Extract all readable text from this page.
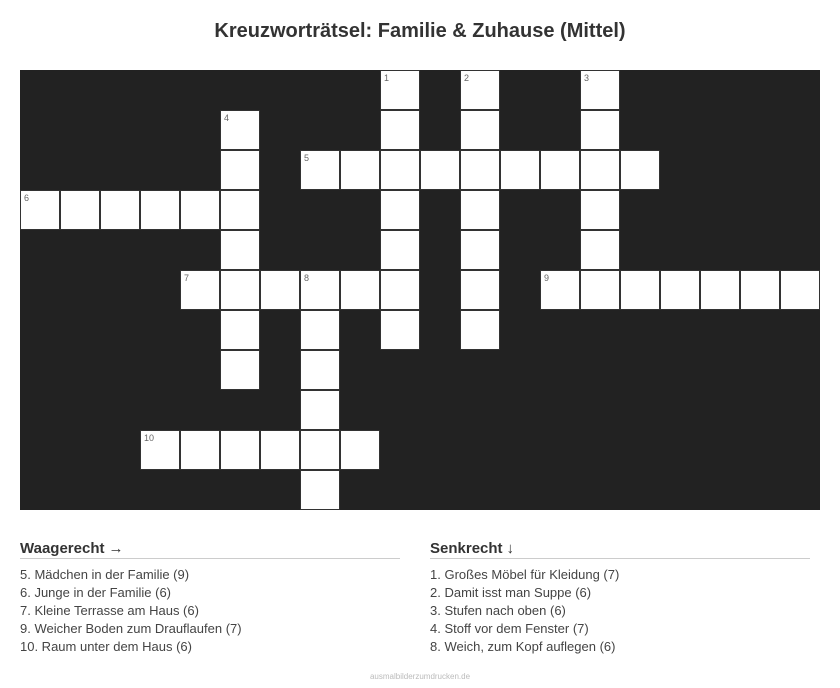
Kreuzworträtsel: Familie & Zuhause (Mittel)
1	2	3
4
5
6
7	8	9
10
Waagerecht →
5. Mädchen in der Familie (9)
6. Junge in der Familie (6)
7. Kleine Terrasse am Haus (6)
9. Weicher Boden zum Drauflaufen (7)
10. Raum unter dem Haus (6)
Senkrecht ↓
1. Großes Möbel für Kleidung (7)
2. Damit isst man Suppe (6)
3. Stufen nach oben (6)
4. Stoff vor dem Fenster (7)
8. Weich, zum Kopf auflegen (6)
ausmalbilderzumdrucken.de
